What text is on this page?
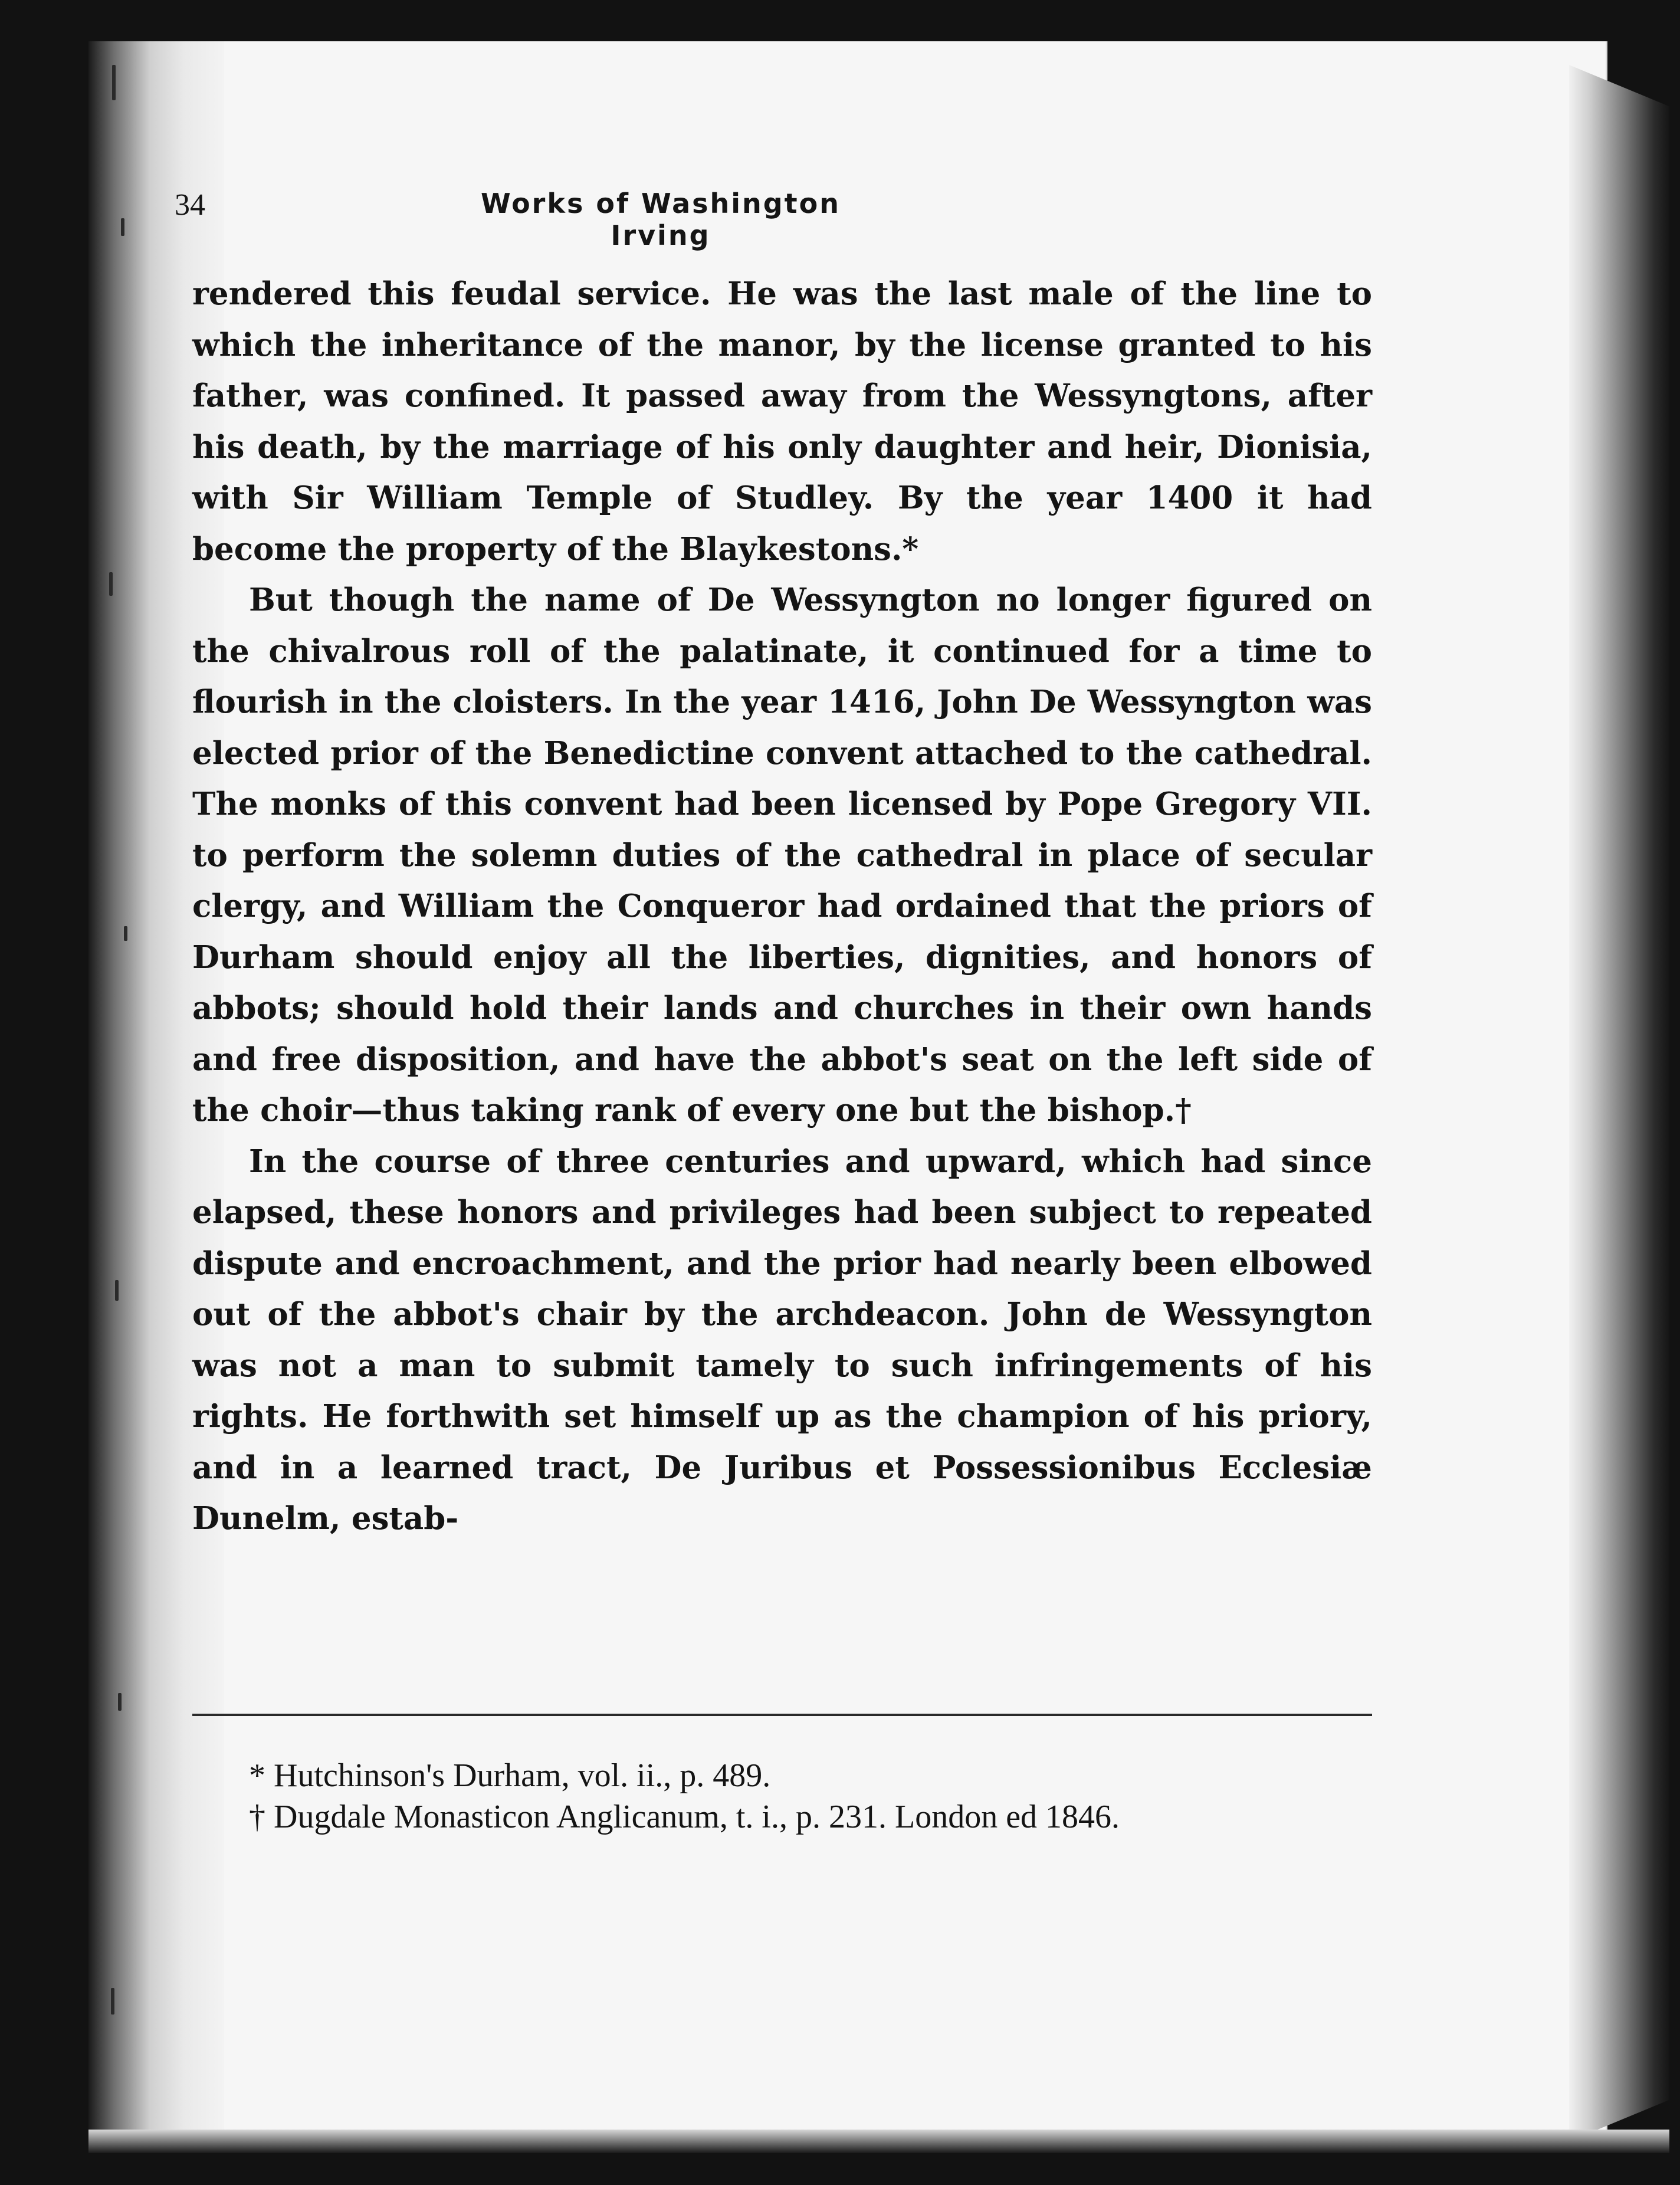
34	Works of Washington Irving

rendered this feudal service. He was the last male of the line to which the inheritance of the manor, by the license granted to his father, was confined. It passed away from the Wessyngtons, after his death, by the marriage of his only daughter and heir, Dionisia, with Sir William Temple of Studley. By the year 1400 it had become the property of the Blaykestons.*

But though the name of De Wessyngton no longer figured on the chivalrous roll of the palatinate, it continued for a time to flourish in the cloisters. In the year 1416, John De Wessyngton was elected prior of the Benedictine convent attached to the cathedral. The monks of this convent had been licensed by Pope Gregory VII. to perform the solemn duties of the cathedral in place of secular clergy, and William the Conqueror had ordained that the priors of Durham should enjoy all the liberties, dignities, and honors of abbots; should hold their lands and churches in their own hands and free disposition, and have the abbot's seat on the left side of the choir—thus taking rank of every one but the bishop.†

In the course of three centuries and upward, which had since elapsed, these honors and privileges had been subject to repeated dispute and encroachment, and the prior had nearly been elbowed out of the abbot's chair by the archdeacon. John de Wessyngton was not a man to submit tamely to such infringements of his rights. He forthwith set himself up as the champion of his priory, and in a learned tract, De Juribus et Possessionibus Ecclesiæ Dunelm, estab-

* Hutchinson's Durham, vol. ii., p. 489.

† Dugdale Monasticon Anglicanum, t. i., p. 231. London ed 1846.
